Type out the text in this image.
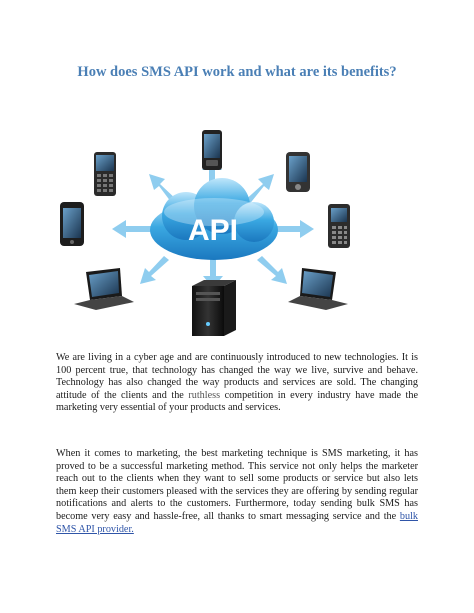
How does SMS API work and what are its benefits?
API

We are living in a cyber age and are continuously introduced to new technologies. It is 100 percent true, that technology has changed the way we live, survive and behave. Technology has also changed the way products and services are sold. The changing attitude of the clients and the ruthless competition in every industry have made the marketing very essential of your products and services.

When it comes to marketing, the best marketing technique is SMS marketing, it has proved to be a successful marketing method. This service not only helps the marketer reach out to the clients when they want to sell some products or service but also lets them keep their customers pleased with the services they are offering by sending regular notifications and alerts to the customers. Furthermore, today sending bulk SMS has become very easy and hassle-free, all thanks to smart messaging service and the bulk SMS API provider.
